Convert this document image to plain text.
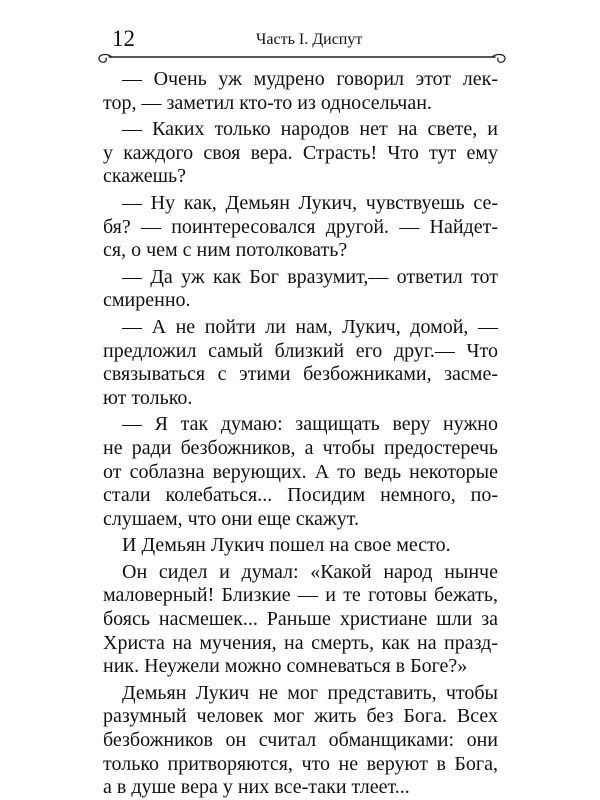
12	Часть I. Диспут
— Очень уж мудрено говорил этот лек-
тор, — заметил кто-то из односельчан.
— Каких только народов нет на свете, и
у каждого своя вера. Страсть! Что тут ему
скажешь?
— Ну как, Демьян Лукич, чувствуешь се-
бя? — поинтересовался другой. — Найдет-
ся, о чем с ним потолковать?
— Да уж как Бог вразумит,— ответил тот
смиренно.
— А не пойти ли нам, Лукич, домой, —
предложил самый близкий его друг.— Что
связываться с этими безбожниками, засме-
ют только.
— Я так думаю: защищать веру нужно
не ради безбожников, а чтобы предостеречь
от соблазна верующих. А то ведь некоторые
стали колебаться... Посидим немного, по-
слушаем, что они еще скажут.
И Демьян Лукич пошел на свое место.
Он сидел и думал: «Какой народ нынче
маловерный! Близкие — и те готовы бежать,
боясь насмешек... Раньше христиане шли за
Христа на мучения, на смерть, как на празд-
ник. Неужели можно сомневаться в Боге?»
Демьян Лукич не мог представить, чтобы
разумный человек мог жить без Бога. Всех
безбожников он считал обманщиками: они
только притворяются, что не веруют в Бога,
а в душе вера у них все-таки тлеет...
